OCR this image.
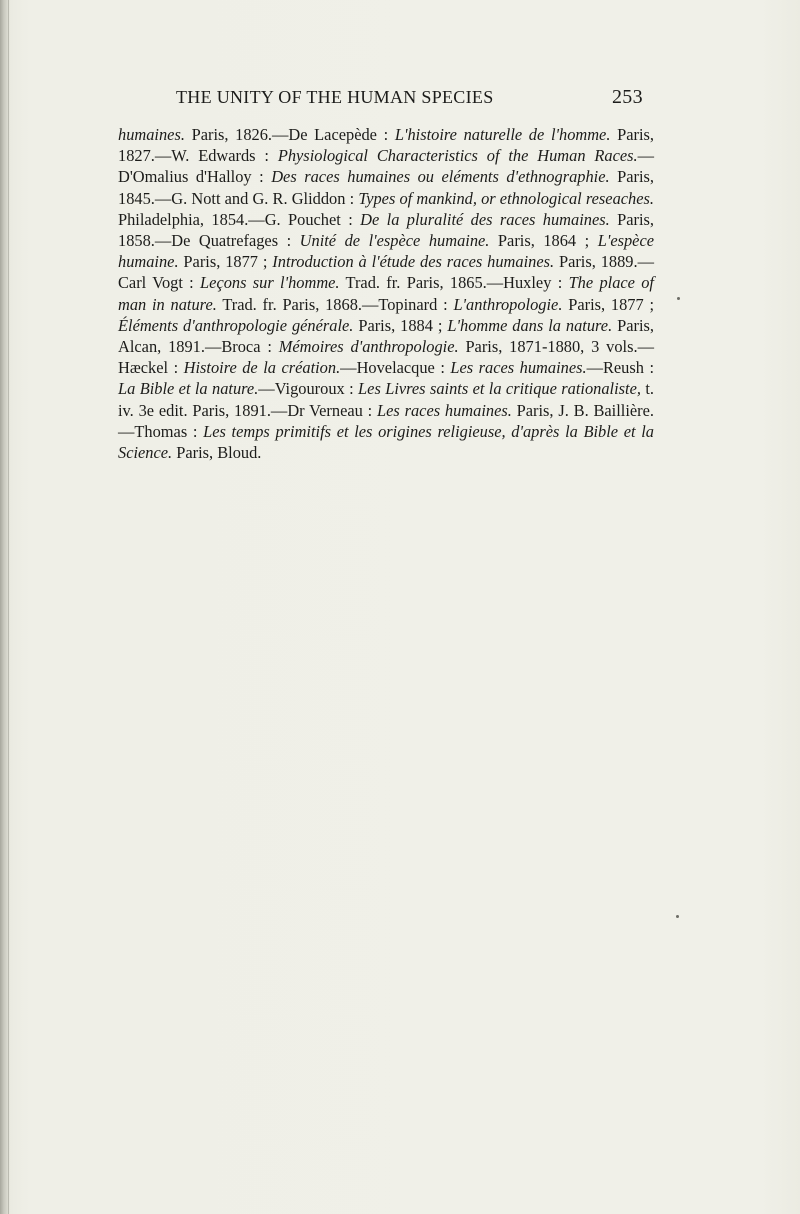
THE UNITY OF THE HUMAN SPECIES	253

humaines. Paris, 1826.—De Lacepède : L'histoire naturelle de l'homme. Paris, 1827.—W. Edwards : Physiological Characteristics of the Human Races.—D'Omalius d'Halloy : Des races humaines ou eléments d'ethnographie. Paris, 1845.—G. Nott and G. R. Gliddon : Types of mankind, or ethnological reseaches. Philadelphia, 1854.—G. Pouchet : De la pluralité des races humaines. Paris, 1858.—De Quatrefages : Unité de l'espèce humaine. Paris, 1864 ; L'espèce humaine. Paris, 1877 ; Introduction à l'étude des races humaines. Paris, 1889.—Carl Vogt : Leçons sur l'homme. Trad. fr. Paris, 1865.—Huxley : The place of man in nature. Trad. fr. Paris, 1868.—Topinard : L'anthropologie. Paris, 1877 ; Éléments d'anthropologie générale. Paris, 1884 ; L'homme dans la nature. Paris, Alcan, 1891.—Broca : Mémoires d'anthropologie. Paris, 1871-1880, 3 vols.—Hæckel : Histoire de la création.—Hovelacque : Les races humaines.—Reush : La Bible et la nature.—Vigouroux : Les Livres saints et la critique rationaliste, t. iv. 3e edit. Paris, 1891.—Dr Verneau : Les races humaines. Paris, J. B. Baillière.—Thomas : Les temps primitifs et les origines religieuse, d'après la Bible et la Science. Paris, Bloud.
